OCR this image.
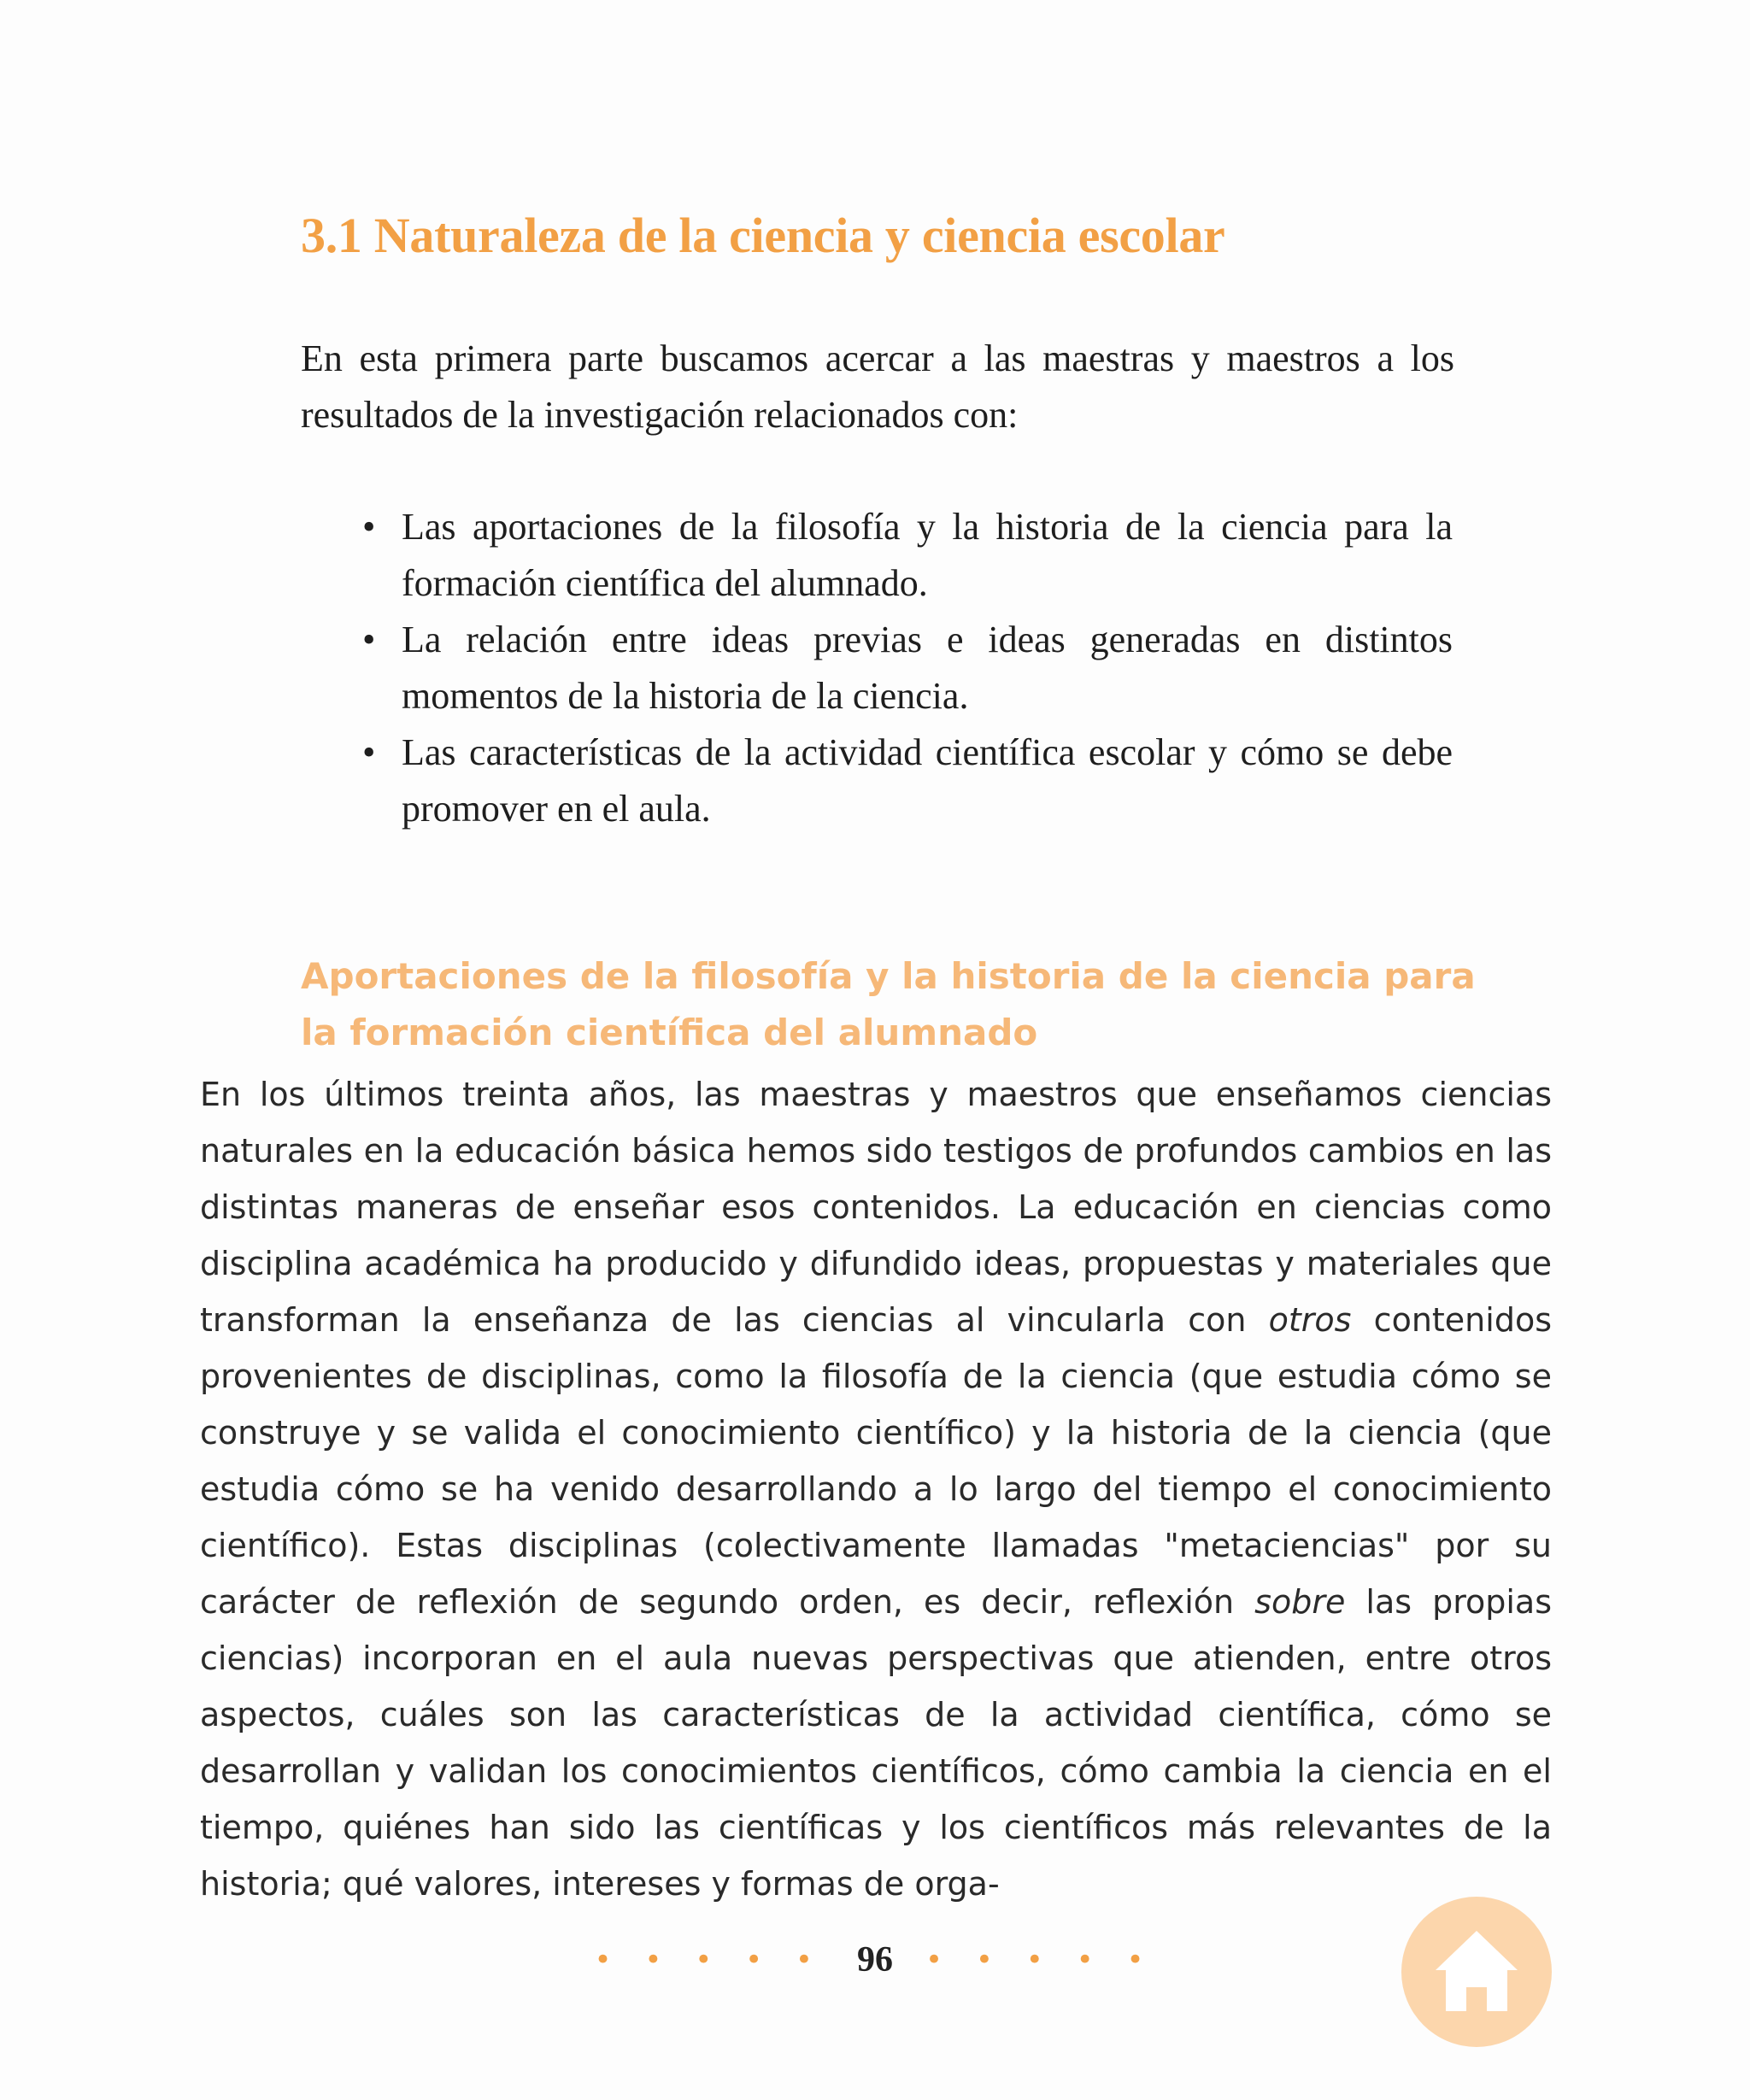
3.1 Naturaleza de la ciencia y ciencia escolar

En esta primera parte buscamos acercar a las maestras y maestros a los resultados de la investigación relacionados con:

• Las aportaciones de la filosofía y la historia de la ciencia para la formación científica del alumnado.
• La relación entre ideas previas e ideas generadas en distintos momentos de la historia de la ciencia.
• Las características de la actividad científica escolar y cómo se debe promover en el aula.
Aportaciones de la filosofía y la historia de la ciencia para la formación científica del alumnado

En los últimos treinta años, las maestras y maestros que enseñamos ciencias naturales en la educación básica hemos sido testigos de profundos cambios en las distintas maneras de enseñar esos contenidos. La educación en ciencias como disciplina académica ha producido y difundido ideas, propuestas y materiales que transforman la enseñanza de las ciencias al vincularla con otros contenidos provenientes de disciplinas, como la filosofía de la ciencia (que estudia cómo se construye y se valida el conocimiento científico) y la historia de la ciencia (que estudia cómo se ha venido desarrollando a lo largo del tiempo el conocimiento científico). Estas disciplinas (colectivamente llamadas "metaciencias" por su carácter de reflexión de segundo orden, es decir, reflexión sobre las propias ciencias) incorporan en el aula nuevas perspectivas que atienden, entre otros aspectos, cuáles son las características de la actividad científica, cómo se desarrollan y validan los conocimientos científicos, cómo cambia la ciencia en el tiempo, quiénes han sido las científicas y los científicos más relevantes de la historia; qué valores, intereses y formas de orga-

• • • • • 96 • • • • •
